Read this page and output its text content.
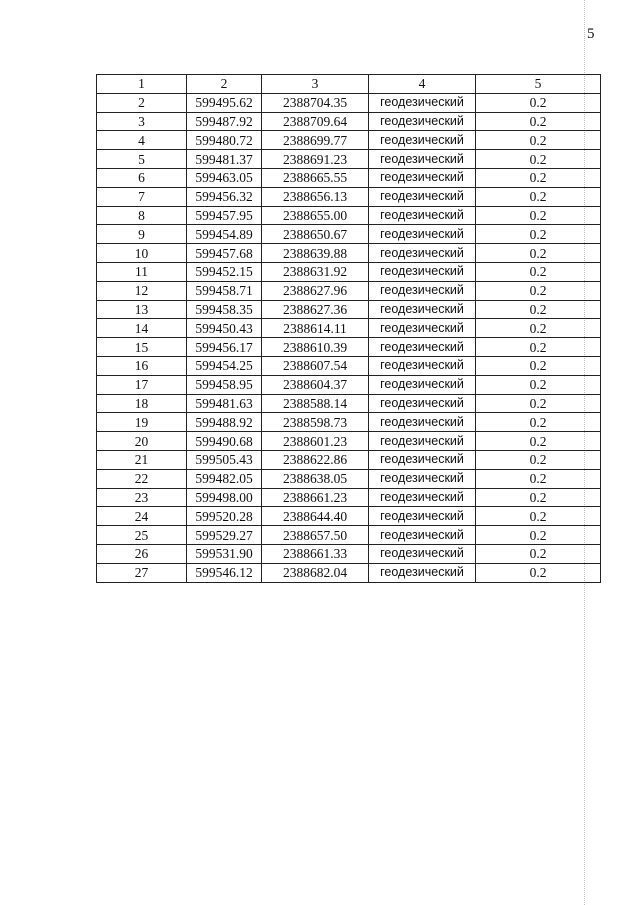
5
1	2	3	4	5
2	599495.62	2388704.35	геодезический	0.2
3	599487.92	2388709.64	геодезический	0.2
4	599480.72	2388699.77	геодезический	0.2
5	599481.37	2388691.23	геодезический	0.2
6	599463.05	2388665.55	геодезический	0.2
7	599456.32	2388656.13	геодезический	0.2
8	599457.95	2388655.00	геодезический	0.2
9	599454.89	2388650.67	геодезический	0.2
10	599457.68	2388639.88	геодезический	0.2
11	599452.15	2388631.92	геодезический	0.2
12	599458.71	2388627.96	геодезический	0.2
13	599458.35	2388627.36	геодезический	0.2
14	599450.43	2388614.11	геодезический	0.2
15	599456.17	2388610.39	геодезический	0.2
16	599454.25	2388607.54	геодезический	0.2
17	599458.95	2388604.37	геодезический	0.2
18	599481.63	2388588.14	геодезический	0.2
19	599488.92	2388598.73	геодезический	0.2
20	599490.68	2388601.23	геодезический	0.2
21	599505.43	2388622.86	геодезический	0.2
22	599482.05	2388638.05	геодезический	0.2
23	599498.00	2388661.23	геодезический	0.2
24	599520.28	2388644.40	геодезический	0.2
25	599529.27	2388657.50	геодезический	0.2
26	599531.90	2388661.33	геодезический	0.2
27	599546.12	2388682.04	геодезический	0.2
